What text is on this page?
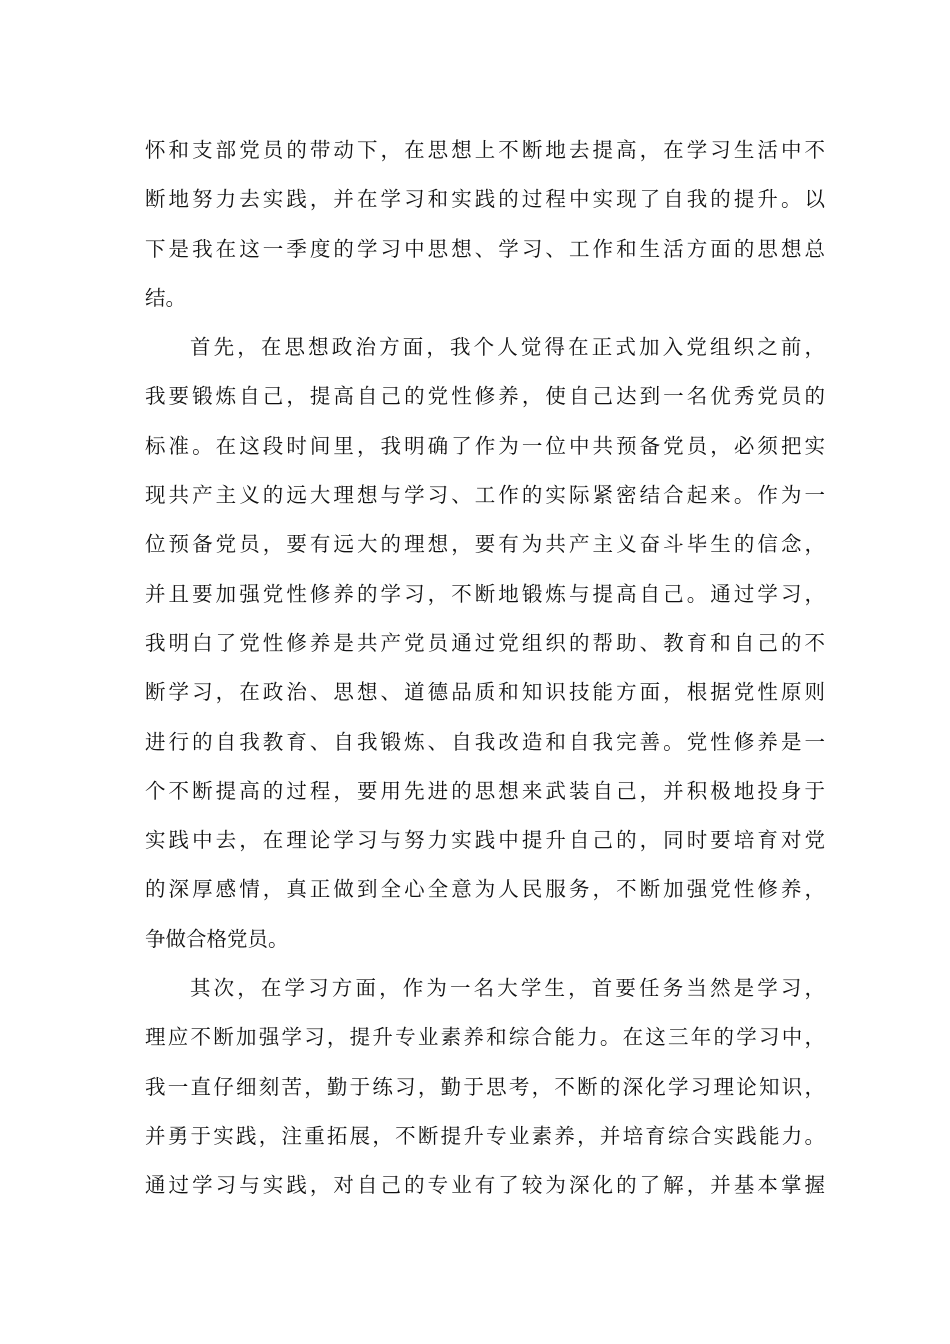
怀和支部党员的带动下，在思想上不断地去提高，在学习生活中不
断地努力去实践，并在学习和实践的过程中实现了自我的提升。以
下是我在这一季度的学习中思想、学习、工作和生活方面的思想总
结。
首先，在思想政治方面，我个人觉得在正式加入党组织之前，
我要锻炼自己，提高自己的党性修养，使自己达到一名优秀党员的
标准。在这段时间里，我明确了作为一位中共预备党员，必须把实
现共产主义的远大理想与学习、工作的实际紧密结合起来。作为一
位预备党员，要有远大的理想，要有为共产主义奋斗毕生的信念，
并且要加强党性修养的学习，不断地锻炼与提高自己。通过学习，
我明白了党性修养是共产党员通过党组织的帮助、教育和自己的不
断学习，在政治、思想、道德品质和知识技能方面，根据党性原则
进行的自我教育、自我锻炼、自我改造和自我完善。党性修养是一
个不断提高的过程，要用先进的思想来武装自己，并积极地投身于
实践中去，在理论学习与努力实践中提升自己的，同时要培育对党
的深厚感情，真正做到全心全意为人民服务，不断加强党性修养，
争做合格党员。
其次，在学习方面，作为一名大学生，首要任务当然是学习，
理应不断加强学习，提升专业素养和综合能力。在这三年的学习中，
我一直仔细刻苦，勤于练习，勤于思考，不断的深化学习理论知识，
并勇于实践，注重拓展，不断提升专业素养，并培育综合实践能力。
通过学习与实践，对自己的专业有了较为深化的了解，并基本掌握
